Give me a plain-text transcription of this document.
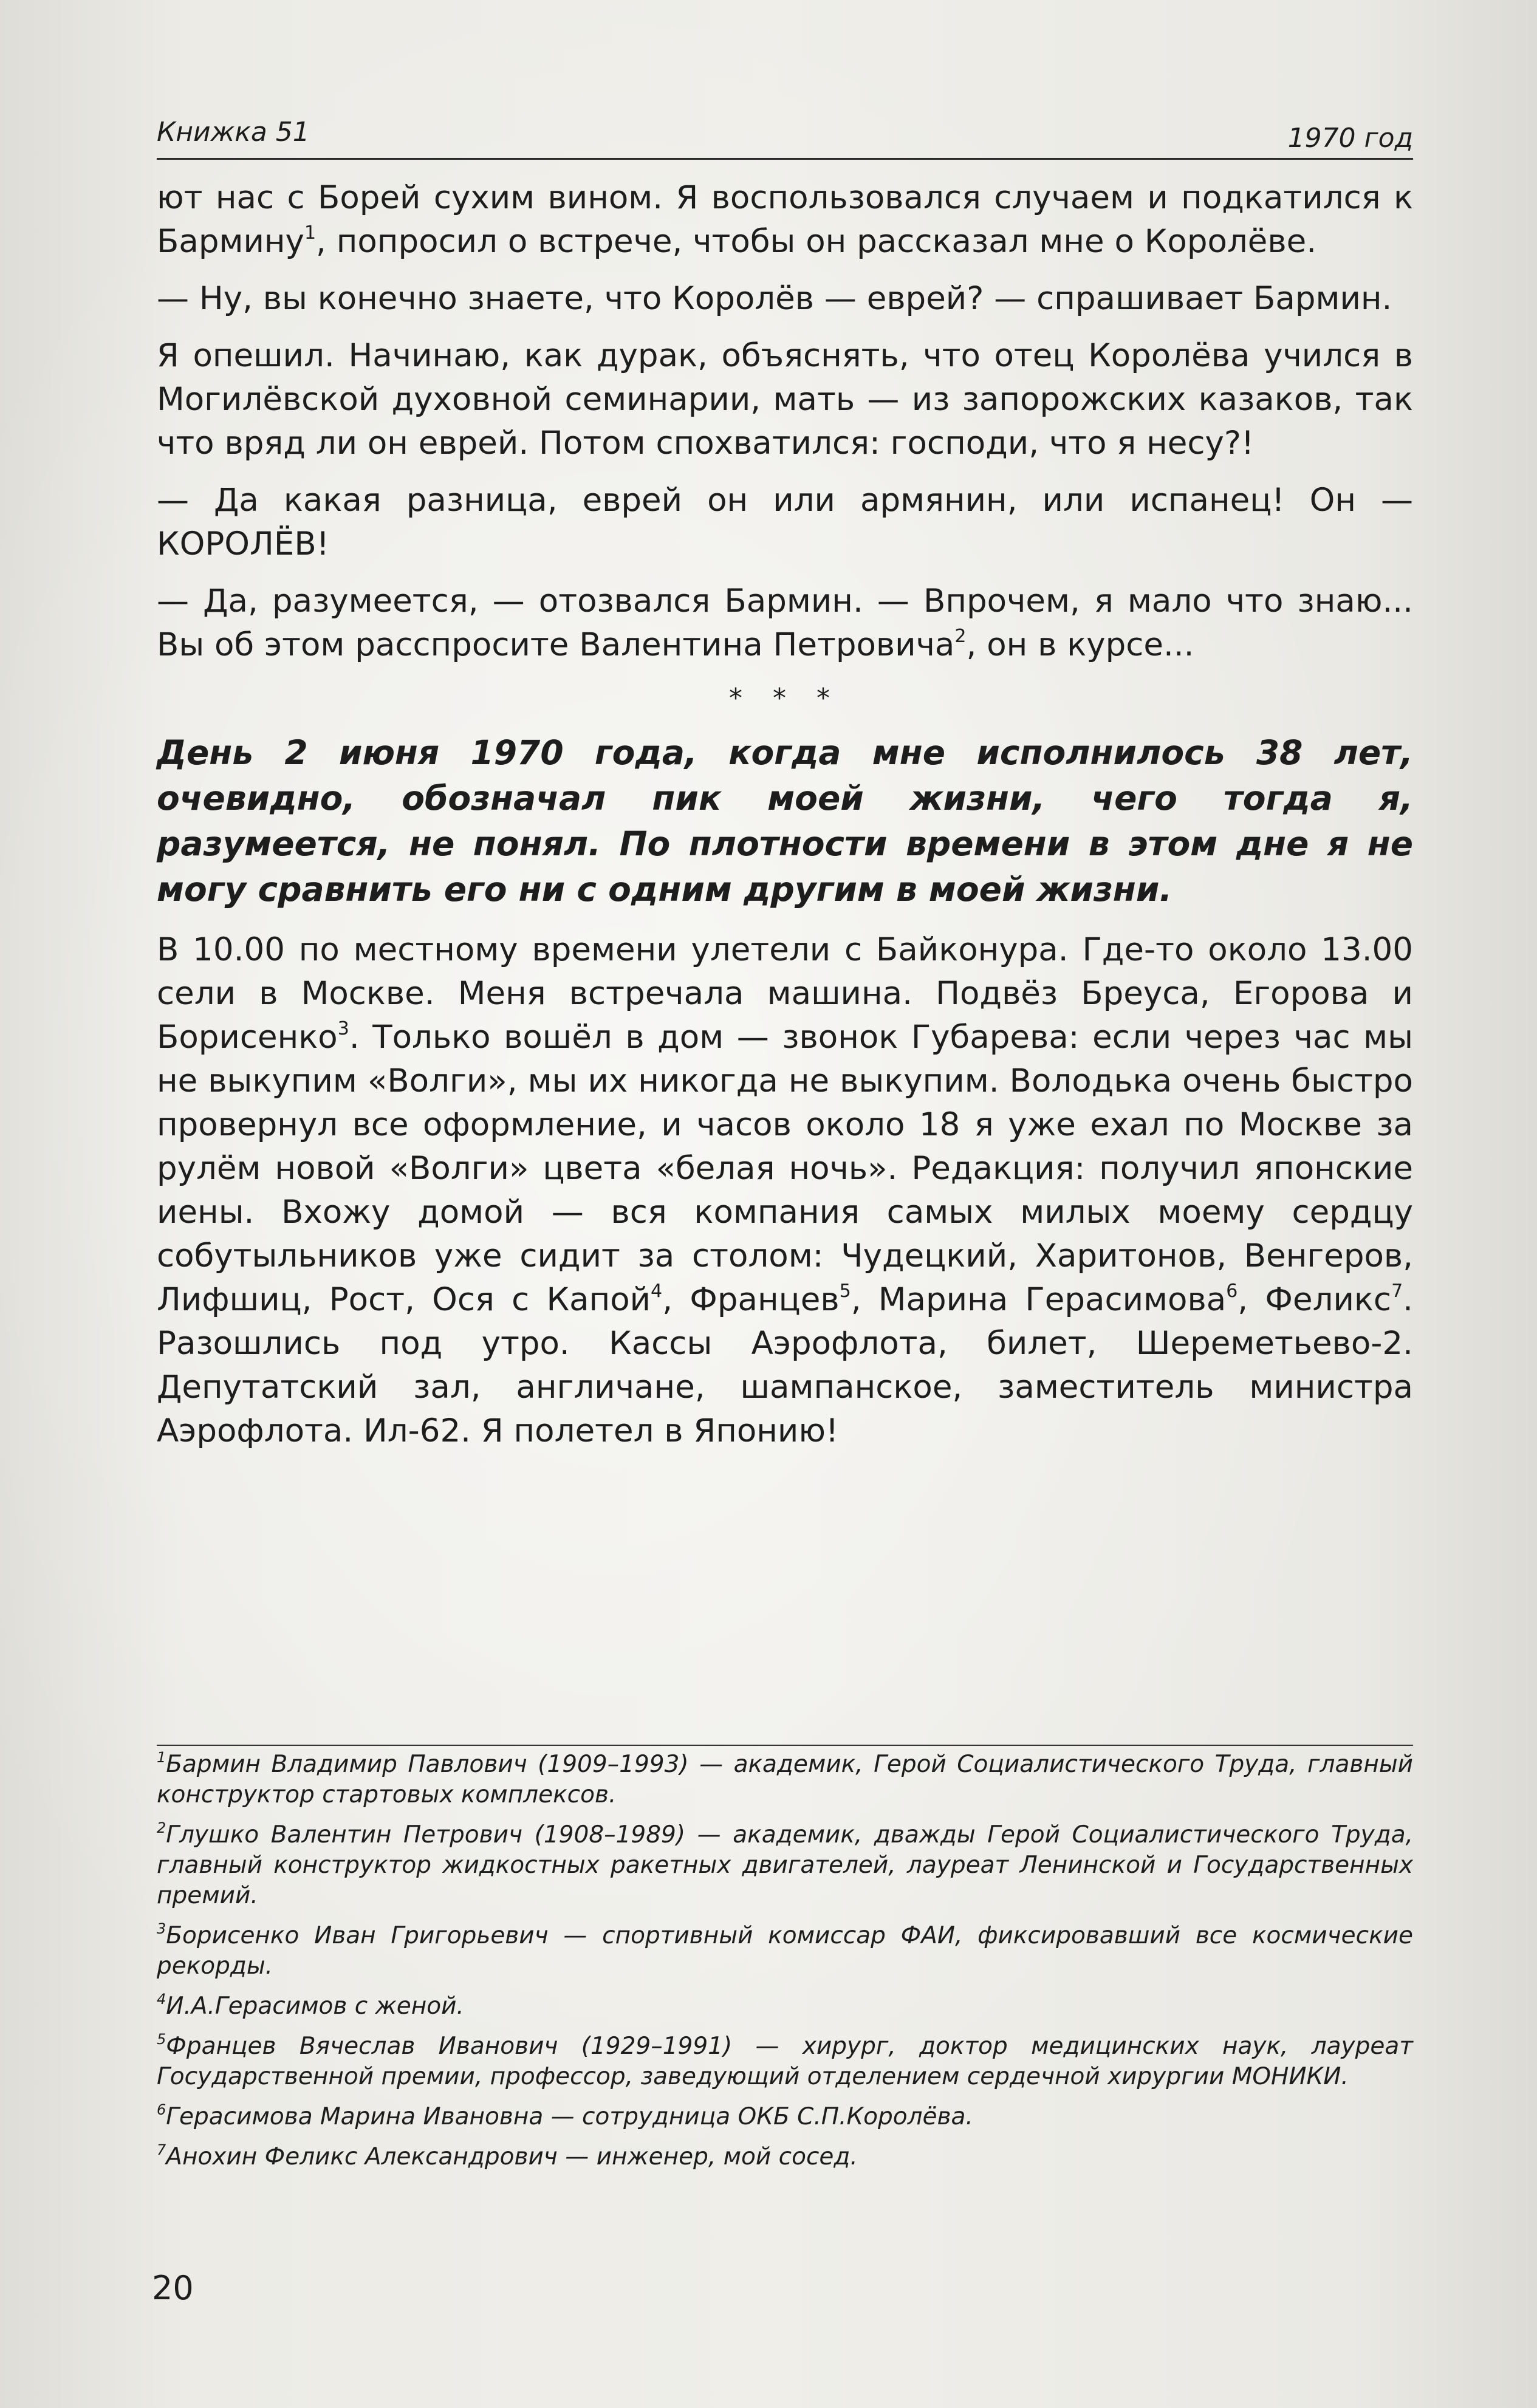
Книжка 51	1970 год

ют нас с Борей сухим вином. Я воспользовался случаем и подкатился к Бармину$^1$, попросил о встрече, чтобы он рассказал мне о Королёве.

— Ну, вы конечно знаете, что Королёв — еврей? — спрашивает Бармин.

Я опешил. Начинаю, как дурак, объяснять, что отец Королёва учился в Могилёвской духовной семинарии, мать — из запорожских казаков, так что вряд ли он еврей. Потом спохватился: господи, что я несу?!

— Да какая разница, еврей он или армянин, или испанец! Он — КОРОЛЁВ!

— Да, разумеется, — отозвался Бармин. — Впрочем, я мало что знаю... Вы об этом расспросите Валентина Петровича$^2$, он в курсе...

* * *

День 2 июня 1970 года, когда мне исполнилось 38 лет, очевидно, обозначал пик моей жизни, чего тогда я, разумеется, не понял. По плотности времени в этом дне я не могу сравнить его ни с одним другим в моей жизни.

В 10.00 по местному времени улетели с Байконура. Где-то около 13.00 сели в Москве. Меня встречала машина. Подвёз Бреуса, Егорова и Борисенко$^3$. Только вошёл в дом — звонок Губарева: если через час мы не выкупим «Волги», мы их никогда не выкупим. Володька очень быстро провернул все оформление, и часов около 18 я уже ехал по Москве за рулём новой «Волги» цвета «белая ночь». Редакция: получил японские иены. Вхожу домой — вся компания самых милых моему сердцу собутыльников уже сидит за столом: Чудецкий, Харитонов, Венгеров, Лифшиц, Рост, Ося с Капой$^4$, Францев$^5$, Марина Герасимова$^6$, Феликс$^7$. Разошлись под утро. Кассы Аэрофлота, билет, Шереметьево-2. Депутатский зал, англичане, шампанское, заместитель министра Аэрофлота. Ил-62. Я полетел в Японию!

$^1$Бармин Владимир Павлович (1909–1993) — академик, Герой Социалистического Труда, главный конструктор стартовых комплексов.
$^2$Глушко Валентин Петрович (1908–1989) — академик, дважды Герой Социалистического Труда, главный конструктор жидкостных ракетных двигателей, лауреат Ленинской и Государственных премий.
$^3$Борисенко Иван Григорьевич — спортивный комиссар ФАИ, фиксировавший все космические рекорды.
$^4$И.А.Герасимов с женой.
$^5$Францев Вячеслав Иванович (1929–1991) — хирург, доктор медицинских наук, лауреат Государственной премии, профессор, заведующий отделением сердечной хирургии МОНИКИ.
$^6$Герасимова Марина Ивановна — сотрудница ОКБ С.П.Королёва.
$^7$Анохин Феликс Александрович — инженер, мой сосед.
20
